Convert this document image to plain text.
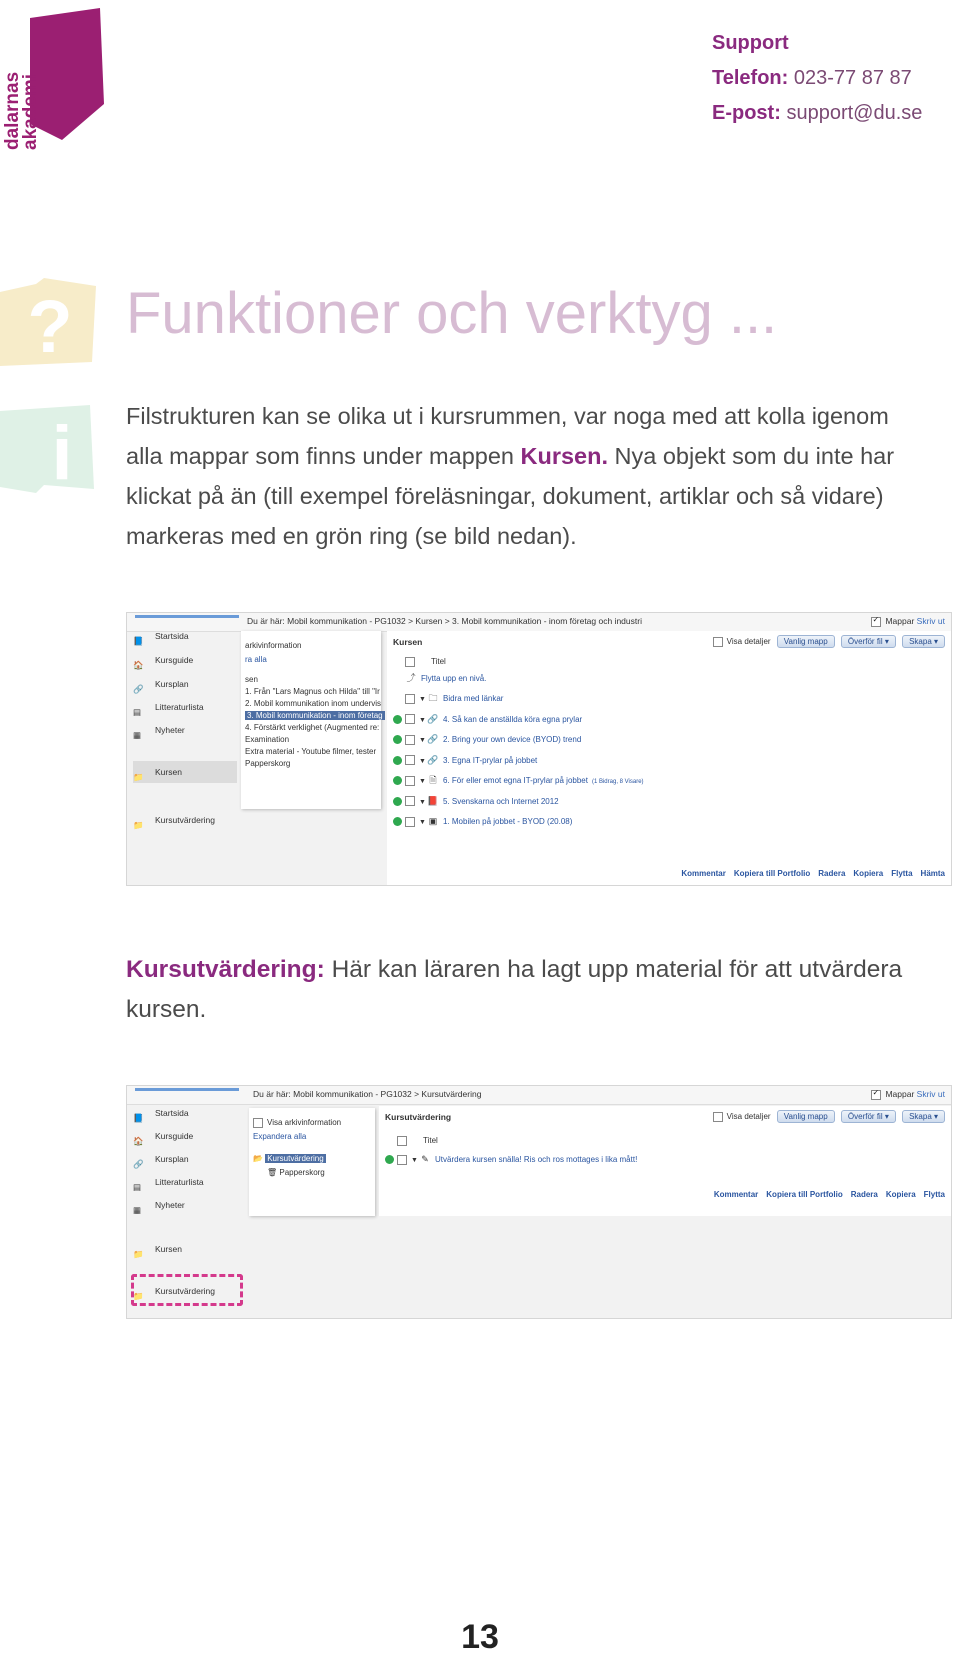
dalarnas
akademi
Support
Telefon: 023-77 87 87
E-post: support@du.se
?
i
Funktioner och verktyg ...
Filstrukturen kan se olika ut i kursrummen, var noga med att kolla igenom alla mappar som finns under mappen Kursen. Nya objekt som du inte har klickat på än (till exempel föreläsningar, dokument, artiklar och så vidare) markeras med en grön ring (se bild nedan).
Du är här: Mobil kommunikation - PG1032 > Kursen > 3. Mobil kommunikation - inom företag och industri ✓	Mappar Skriv ut
📘 Startsida
🏠 Kursguide
🔗 Kursplan
▤ Litteraturlista
▦ Nyheter
📁 Kursen
📁 Kursutvärdering
arkivinformation
ra alla
sen
1. Från "Lars Magnus och Hilda" till "Ir
2. Mobil kommunikation inom undervis
3. Mobil kommunikation - inom företag
4. Förstärkt verklighet (Augmented re:
Examination
Extra material - Youtube filmer, tester
Papperskorg
Kursen	Visa detaljer Vanlig mapp	Överför fil ▾	Skapa ▾
Titel
⤴ Flytta upp en nivå.
▼ 🗀 Bidra med länkar
▼🔗 4. Så kan de anställda köra egna prylar
▼🔗 2. Bring your own device (BYOD) trend
▼🔗 3. Egna IT-prylar på jobbet
▼ 🗎 6. För eller emot egna IT-prylar på jobbet (1 Bidrag, 8 Visare)
▼📕 5. Svenskarna och Internet 2012
▼ ▣ 1. Mobilen på jobbet - BYOD (20.08)
Kommentar Kopiera till Portfolio Radera Kopiera Flytta Hämta
Kursutvärdering: Här kan läraren ha lagt upp material för att utvärdera kursen.
Du är här: Mobil kommunikation - PG1032 > Kursutvärdering ✓	Mappar Skriv ut
📘 Startsida
🏠 Kursguide
🔗 Kursplan
▤ Litteraturlista
▦ Nyheter
📁 Kursen
📁 Kursutvärdering
Visa arkivinformation
Expandera alla
📂 Kursutvärdering
🗑 Papperskorg
Kursutvärdering	Visa detaljer Vanlig mapp	Överför fil ▾	Skapa ▾
Titel
▼ ✎ Utvärdera kursen snälla! Ris och ros mottages i lika mått!
Kommentar Kopiera till Portfolio Radera Kopiera Flytta
13
